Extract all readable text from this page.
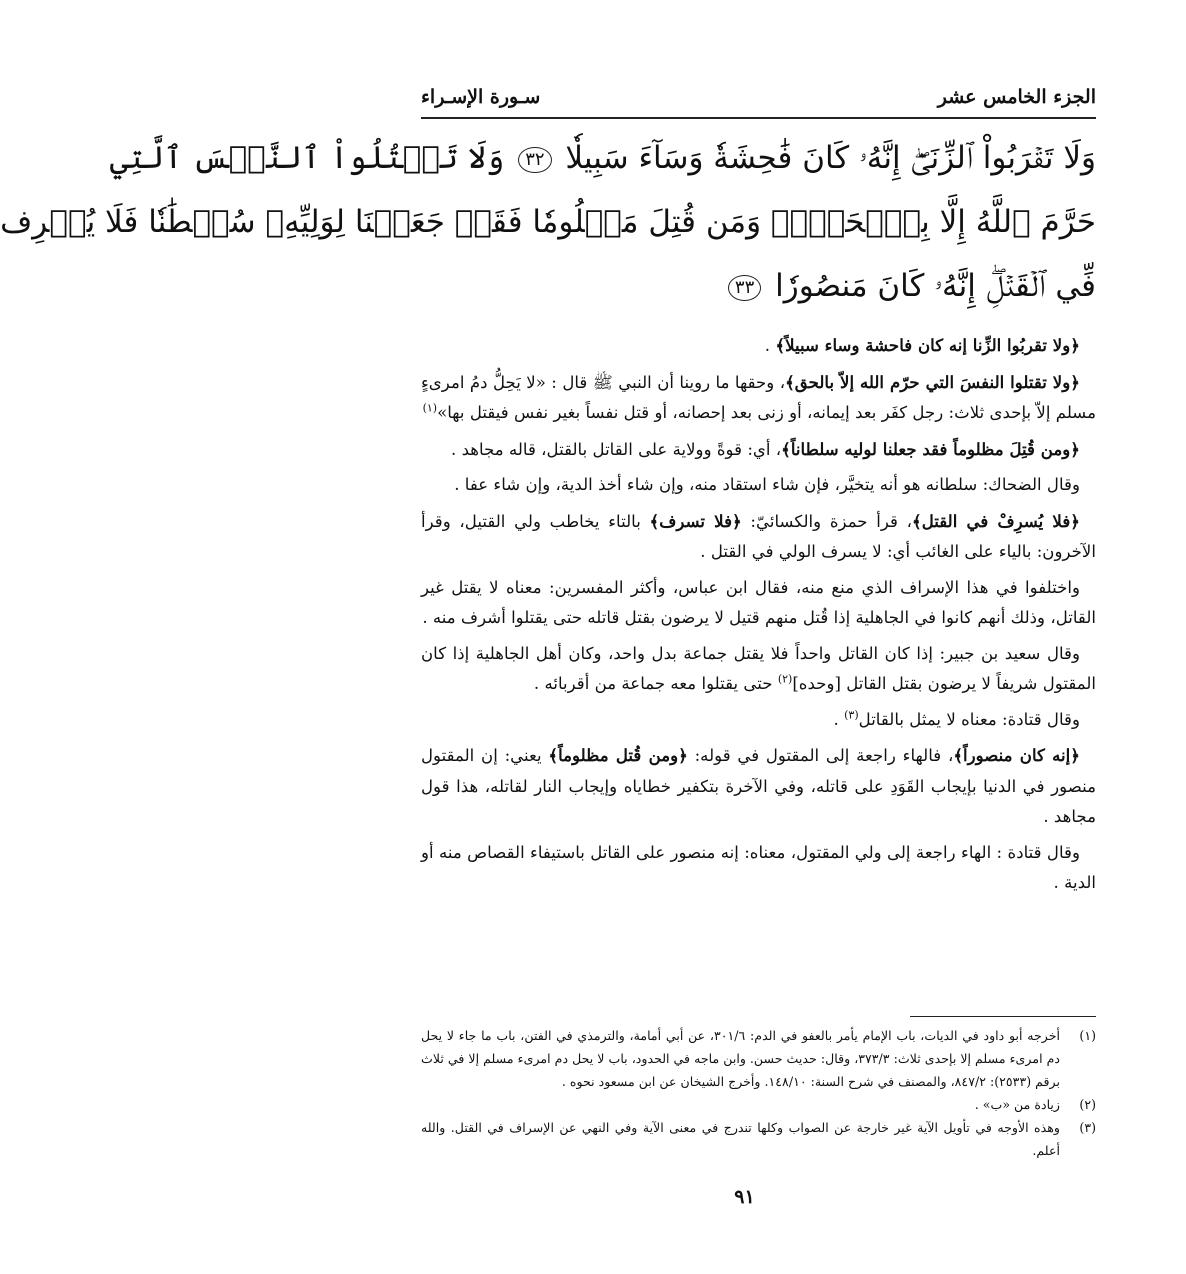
الجزء الخامس عشر
سـورة الإسـراء
وَلَا تَقۡرَبُواْ ٱلزِّنَىٰٓۖ إِنَّهُۥ كَانَ فَٰحِشَةٗ وَسَآءَ سَبِيلٗا ٣٢ وَلَا تَقۡتُلُواْ ٱلنَّفۡسَ ٱلَّتِي
حَرَّمَ ٱللَّهُ إِلَّا بِٱلۡحَقِّۗ وَمَن قُتِلَ مَظۡلُومٗا فَقَدۡ جَعَلۡنَا لِوَلِيِّهِۦ سُلۡطَٰنٗا فَلَا يُسۡرِف
فِّي ٱلۡقَتۡلِۖ إِنَّهُۥ كَانَ مَنصُورٗا ٣٣

﴿ولا تقربُوا الزِّنا إنه كان فاحشة وساء سبيلاً﴾ .

﴿ولا تقتلوا النفسَ التي حرّم الله إلاّ بالحق﴾، وحقها ما روينا أن النبي ﷺ قال : «لا يَحِلُّ دمُ امرىءٍ مسلم إلاّ بإحدى ثلاث: رجل كفَر بعد إيمانه، أو زنى بعد إحصانه، أو قتل نفساً بغير نفس فيقتل بها»$^{(١)}$

﴿ومن قُتِلَ مظلوماً فقد جعلنا لوليه سلطاناً﴾، أي: قوةً وولاية على القاتل بالقتل، قاله مجاهد .

وقال الضحاك: سلطانه هو أنه يتخيَّر، فإن شاء استقاد منه، وإن شاء أخذ الدية، وإن شاء عفا .

﴿فلا يُسرِفْ في القتل﴾، قرأ حمزة والكسائيّ: ﴿فلا تسرف﴾ بالتاء يخاطب ولي القتيل، وقرأ الآخرون: بالياء على الغائب أي: لا يسرف الولي في القتل .

واختلفوا في هذا الإسراف الذي منع منه، فقال ابن عباس، وأكثر المفسرين: معناه لا يقتل غير القاتل، وذلك أنهم كانوا في الجاهلية إذا قُتل منهم قتيل لا يرضون بقتل قاتله حتى يقتلوا أشرف منه .

وقال سعيد بن جبير: إذا كان القاتل واحداً فلا يقتل جماعة بدل واحد، وكان أهل الجاهلية إذا كان المقتول شريفاً لا يرضون بقتل القاتل [وحده]$^{(٢)}$ حتى يقتلوا معه جماعة من أقربائه .

وقال قتادة: معناه لا يمثل بالقاتل$^{(٣)}$ .

﴿إنه كان منصوراً﴾، فالهاء راجعة إلى المقتول في قوله: ﴿ومن قُتل مظلوماً﴾ يعني: إن المقتول منصور في الدنيا بإيجاب القَوَدِ على قاتله، وفي الآخرة بتكفير خطاياه وإيجاب النار لقاتله، هذا قول مجاهد .

وقال قتادة : الهاء راجعة إلى ولي المقتول، معناه: إنه منصور على القاتل باستيفاء القصاص منه أو الدية .

(١)
أخرجه أبو داود في الديات، باب الإمام يأمر بالعفو في الدم: ٣٠١/٦، عن أبي أمامة، والترمذي في الفتن، باب ما جاء لا يحل دم امرىء مسلم إلا بإحدى ثلاث: ٣٧٣/٣، وقال: حديث حسن. وابن ماجه في الحدود، باب لا يحل دم امرىء مسلم إلا في ثلاث برقم (٢٥٣٣): ٨٤٧/٢، والمصنف في شرح السنة: ١٤٨/١٠. وأخرج الشيخان عن ابن مسعود نحوه .
(٢)
زيادة من «ب» .
(٣)
وهذه الأوجه في تأويل الآية غير خارجة عن الصواب وكلها تندرج في معنى الآية وفي النهي عن الإسراف في القتل. والله أعلم.
٩١
